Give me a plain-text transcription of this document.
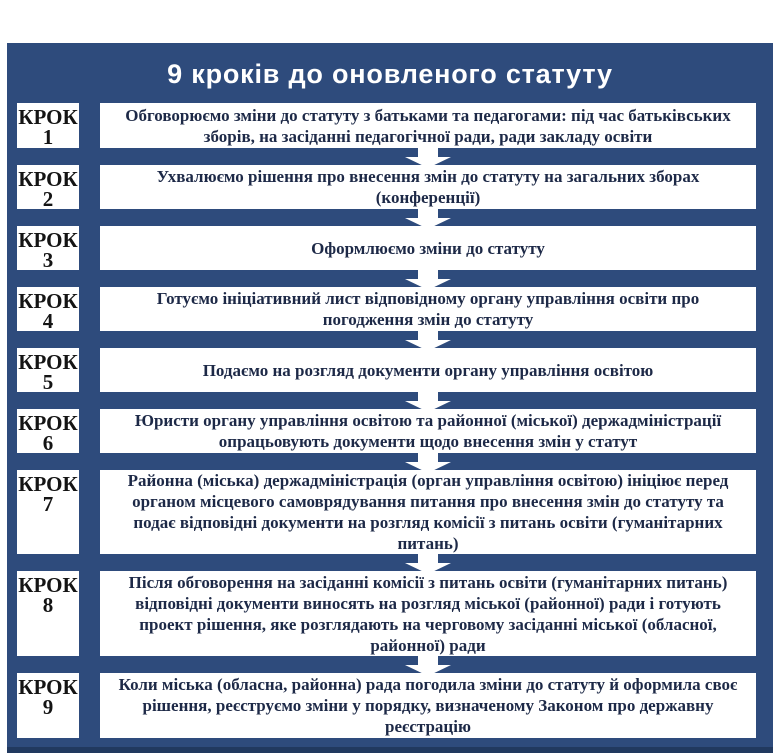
9 кроків до оновленого статуту
КРОК
1

Обговорюємо зміни до статуту з батьками та педагогами: під час батьківських зборів, на засіданні педагогічної ради, ради закладу освіти

КРОК
2

Ухвалюємо рішення про внесення змін до статуту на загальних зборах (конференції)

КРОК
3	Оформлюємо зміни до статуту

КРОК
4

Готуємо ініціативний лист відповідному органу управління освіти про погодження змін до статуту

КРОК
5	Подаємо на розгляд документи органу управління освітою

КРОК
6

Юристи органу управління освітою та районної (міської) держадміністрації опрацьовують документи щодо внесення змін у статут

КРОК
7

Районна (міська) держадміністрація (орган управління освітою) ініціює перед органом місцевого самоврядування питання про внесення змін до статуту та подає відповідні документи на розгляд комісії з питань освіти (гуманітарних питань)

КРОК
8

Після обговорення на засіданні комісії з питань освіти (гуманітарних питань) відповідні документи виносять на розгляд міської (районної) ради і готують проект рішення, яке розглядають на черговому засіданні міської (обласної, районної) ради

КРОК
9

Коли міська (обласна, районна) рада погодила зміни до статуту й оформила своє рішення, реєструємо зміни у порядку, визначеному Законом про державну реєстрацію
